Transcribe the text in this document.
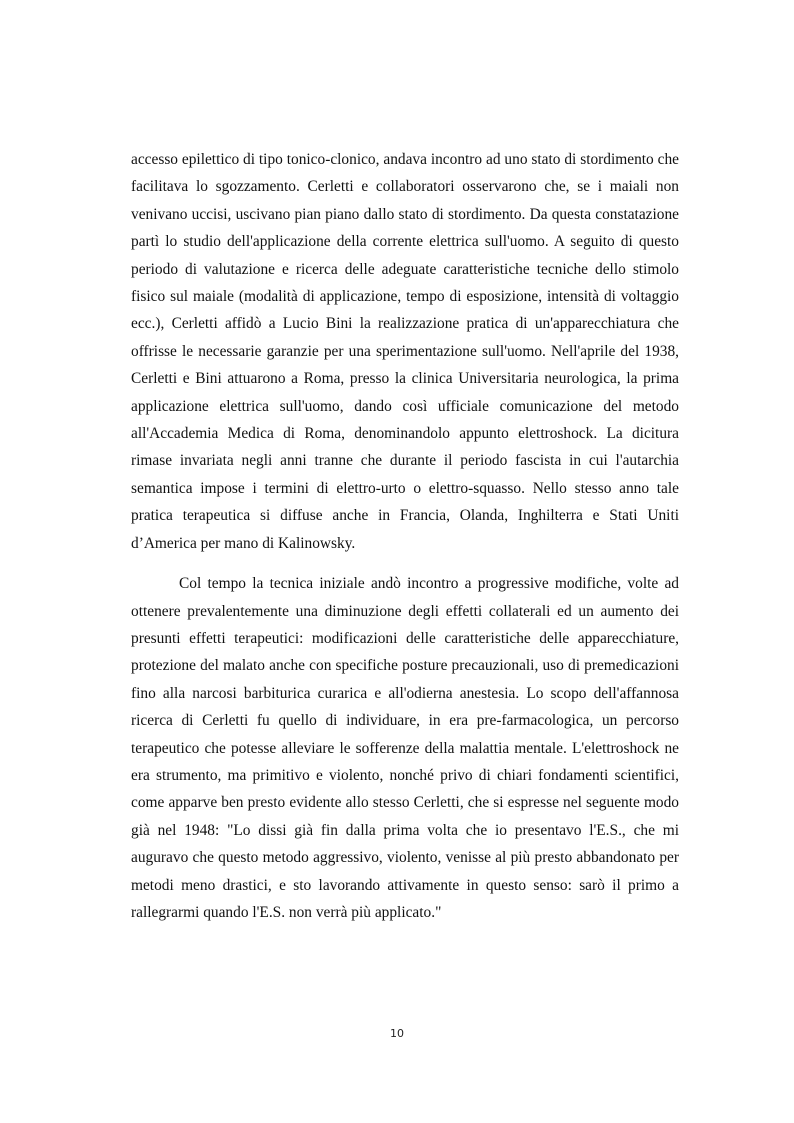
accesso epilettico di tipo tonico-clonico, andava incontro ad uno stato di stordimento che facilitava lo sgozzamento. Cerletti e collaboratori osservarono che, se i maiali non venivano uccisi, uscivano pian piano dallo stato di stordimento. Da questa constatazione partì lo studio dell'applicazione della corrente elettrica sull'uomo. A seguito di questo periodo di valutazione e ricerca delle adeguate caratteristiche tecniche dello stimolo fisico sul maiale (modalità di applicazione, tempo di esposizione, intensità di voltaggio ecc.), Cerletti affidò a Lucio Bini la realizzazione pratica di un'apparecchiatura che offrisse le necessarie garanzie per una sperimentazione sull'uomo. Nell'aprile del 1938, Cerletti e Bini attuarono a Roma, presso la clinica Universitaria neurologica, la prima applicazione elettrica sull'uomo, dando così ufficiale comunicazione del metodo all'Accademia Medica di Roma, denominandolo appunto elettroshock. La dicitura rimase invariata negli anni tranne che durante il periodo fascista in cui l'autarchia semantica impose i termini di elettro-urto o elettro-squasso. Nello stesso anno tale pratica terapeutica si diffuse anche in Francia, Olanda, Inghilterra e Stati Uniti d’America per mano di Kalinowsky.

Col tempo la tecnica iniziale andò incontro a progressive modifiche, volte ad ottenere prevalentemente una diminuzione degli effetti collaterali ed un aumento dei presunti effetti terapeutici: modificazioni delle caratteristiche delle apparecchiature, protezione del malato anche con specifiche posture precauzionali, uso di premedicazioni fino alla narcosi barbiturica curarica e all'odierna anestesia. Lo scopo dell'affannosa ricerca di Cerletti fu quello di individuare, in era pre-farmacologica, un percorso terapeutico che potesse alleviare le sofferenze della malattia mentale. L'elettroshock ne era strumento, ma primitivo e violento, nonché privo di chiari fondamenti scientifici, come apparve ben presto evidente allo stesso Cerletti, che si espresse nel seguente modo già nel 1948: "Lo dissi già fin dalla prima volta che io presentavo l'E.S., che mi auguravo che questo metodo aggressivo, violento, venisse al più presto abbandonato per metodi meno drastici, e sto lavorando attivamente in questo senso: sarò il primo a rallegrarmi quando l'E.S. non verrà più applicato."

10
